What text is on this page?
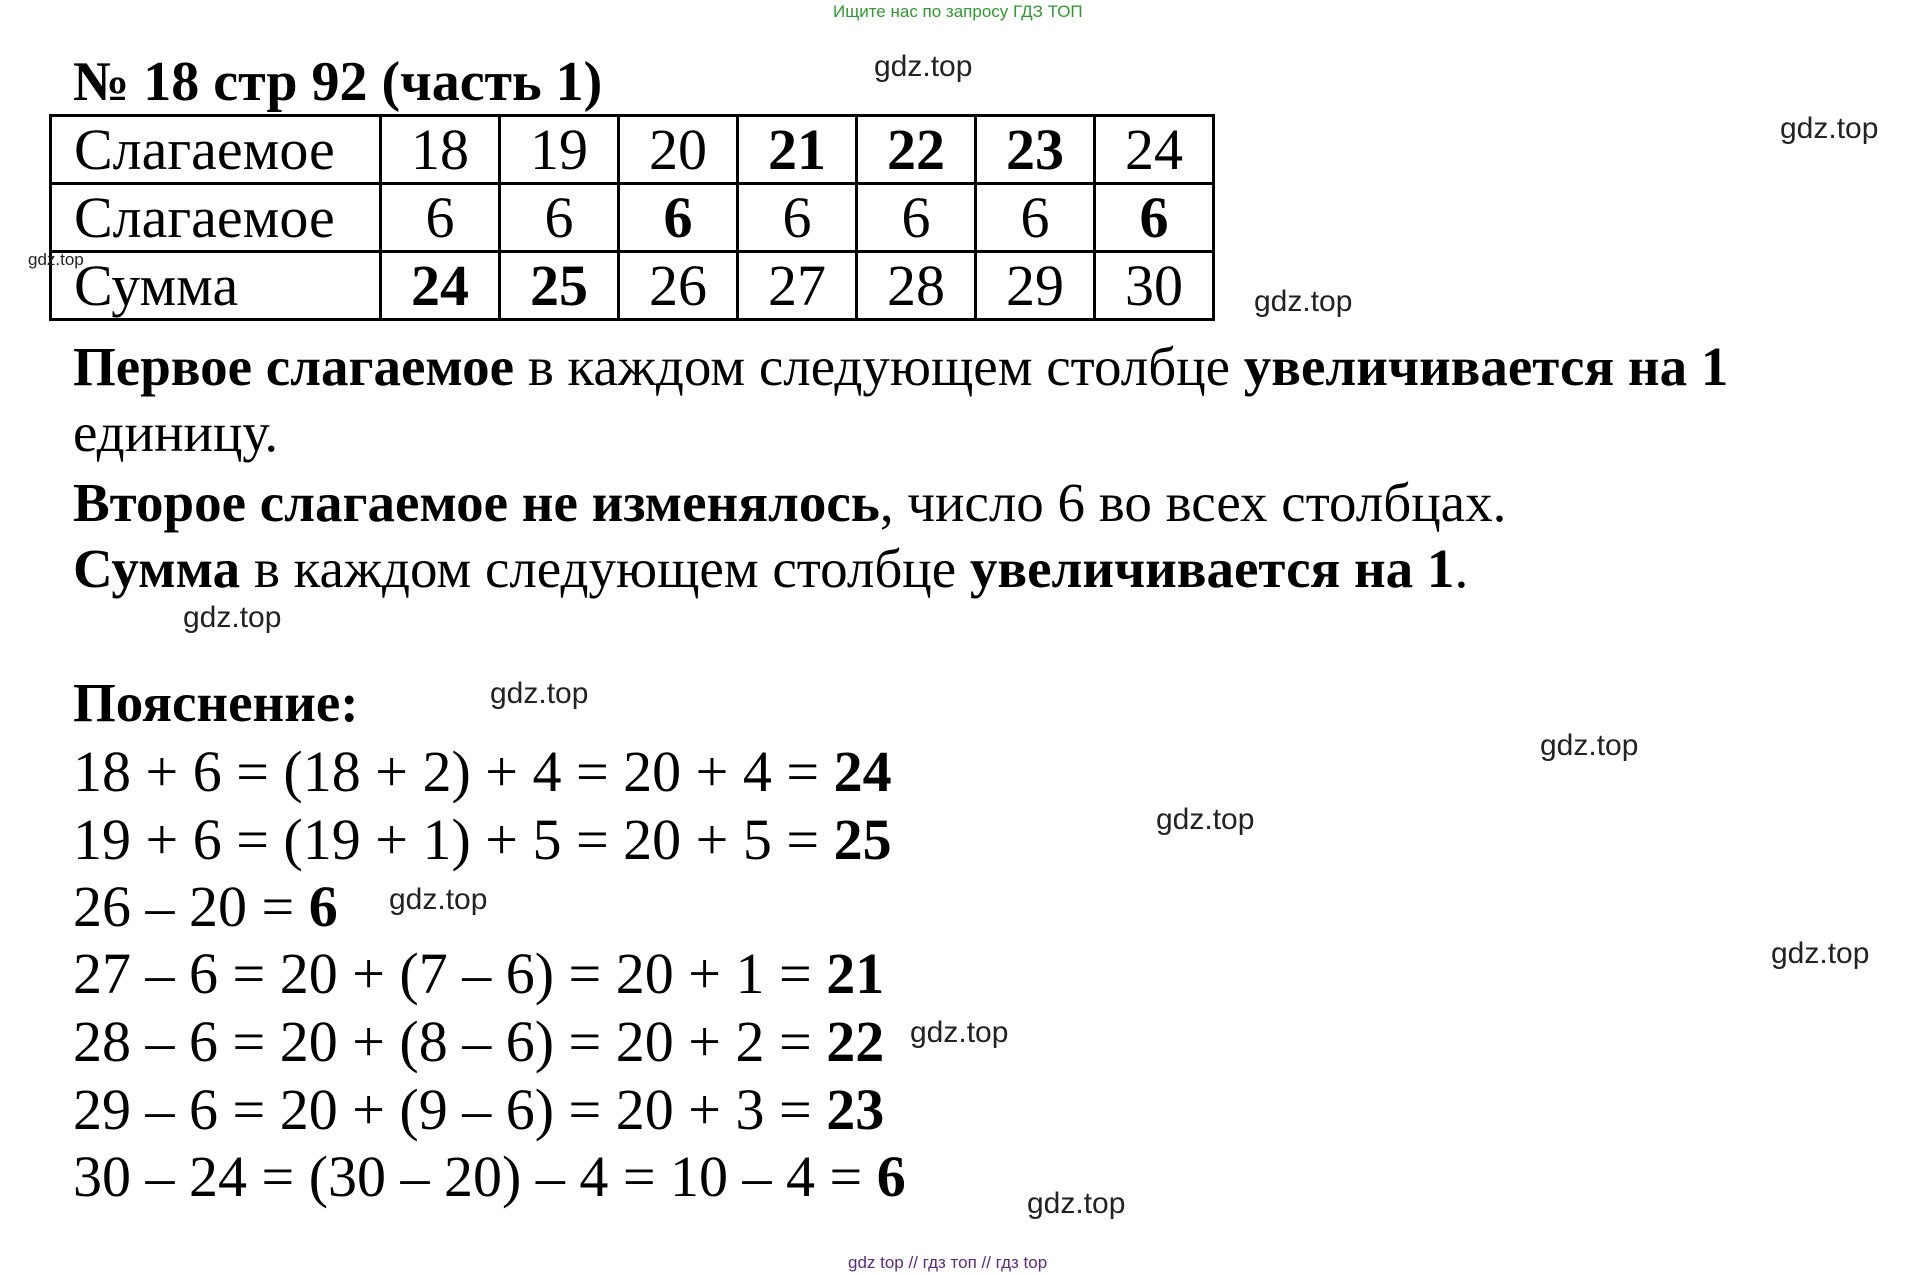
Ищите нас по запросу ГДЗ ТОП
№ 18 стр 92 (часть 1)
Слагаемое	18	19	20	21	22	23	24
Слагаемое	6	6	6	6	6	6	6
Сумма	24	25	26	27	28	29	30
Первое слагаемое в каждом следующем столбце увеличивается на 1
единицу.
Второе слагаемое не изменялось, число 6 во всех столбцах.
Сумма в каждом следующем столбце увеличивается на 1.
Пояснение:
18 + 6 = (18 + 2) + 4 = 20 + 4 = 24
19 + 6 = (19 + 1) + 5 = 20 + 5 = 25
26 – 20 = 6
27 – 6 = 20 + (7 – 6) = 20 + 1 = 21
28 – 6 = 20 + (8 – 6) = 20 + 2 = 22
29 – 6 = 20 + (9 – 6) = 20 + 3 = 23
30 – 24 = (30 – 20) – 4 = 10 – 4 = 6
gdz.top
gdz.top
gdz.top
gdz.top
gdz.top
gdz.top
gdz.top
gdz.top
gdz.top
gdz.top
gdz.top
gdz.top
gdz top // гдз топ // гдз top
